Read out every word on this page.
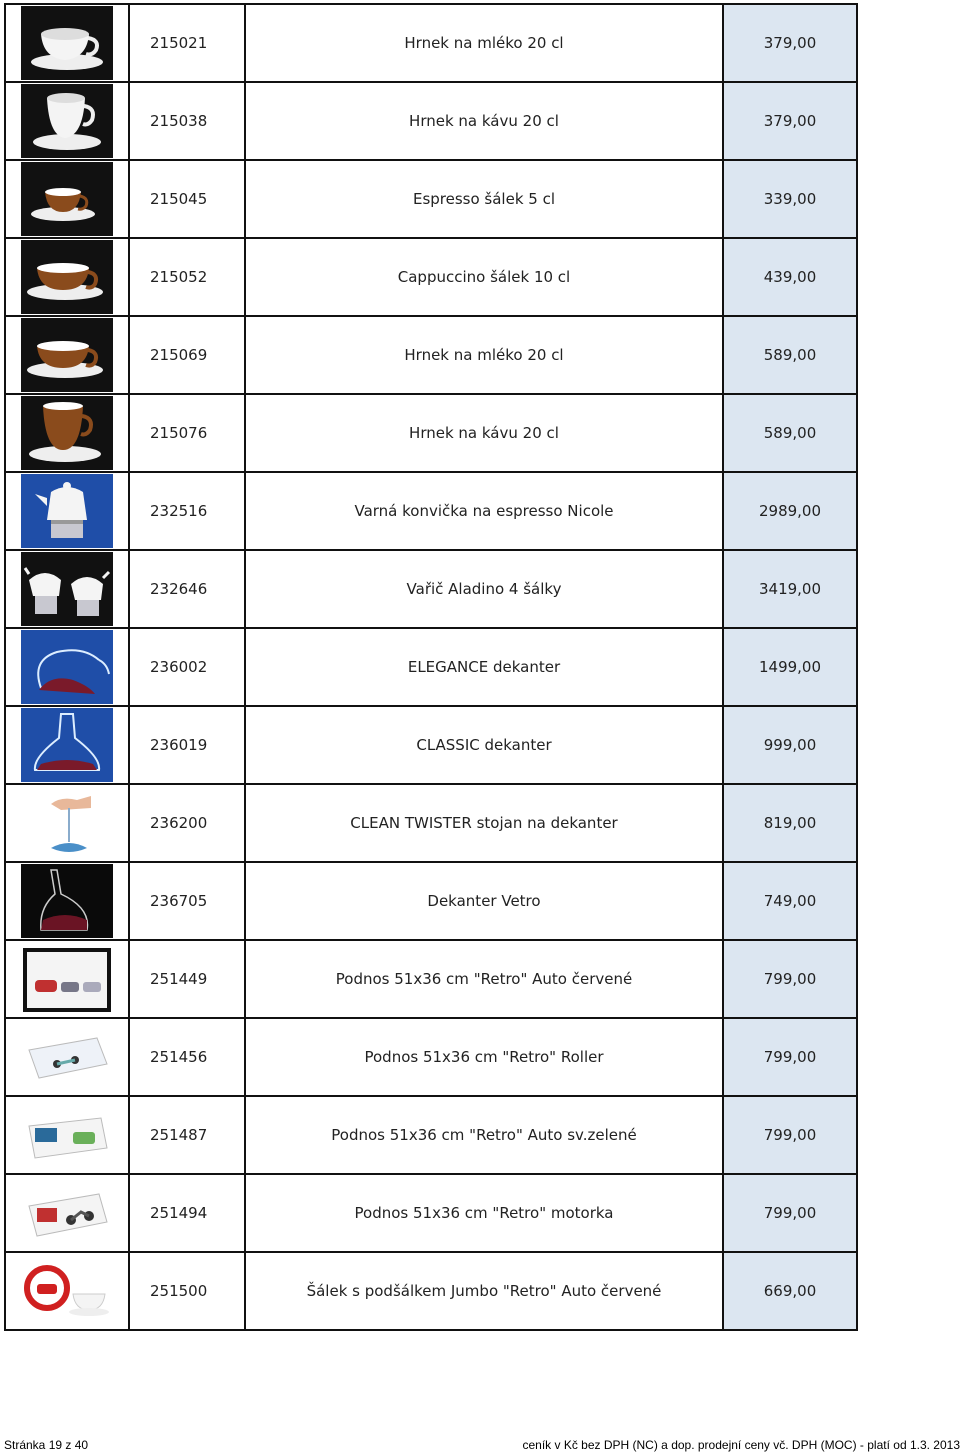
	215021	Hrnek na mléko 20 cl	379,00

	215038	Hrnek na kávu 20 cl	379,00

	215045	Espresso šálek 5 cl	339,00

	215052	Cappuccino šálek 10 cl	439,00

	215069	Hrnek na mléko 20 cl	589,00

	215076	Hrnek na kávu 20 cl	589,00

	232516	Varná konvička na espresso Nicole	2989,00

	232646	Vařič Aladino 4 šálky	3419,00

	236002	ELEGANCE dekanter	1499,00

	236019	CLASSIC dekanter	999,00

	236200	CLEAN TWISTER stojan na dekanter	819,00

	236705	Dekanter Vetro	749,00

	251449	Podnos 51x36 cm "Retro" Auto červené	799,00

	251456	Podnos 51x36 cm "Retro" Roller	799,00

	251487	Podnos 51x36 cm "Retro" Auto sv.zelené	799,00

	251494	Podnos 51x36 cm "Retro" motorka	799,00

	251500	Šálek s podšálkem Jumbo "Retro" Auto červené	669,00
Stránka 19 z 40	ceník v Kč bez DPH (NC) a dop. prodejní ceny vč. DPH (MOC) - platí od 1.3. 2013
